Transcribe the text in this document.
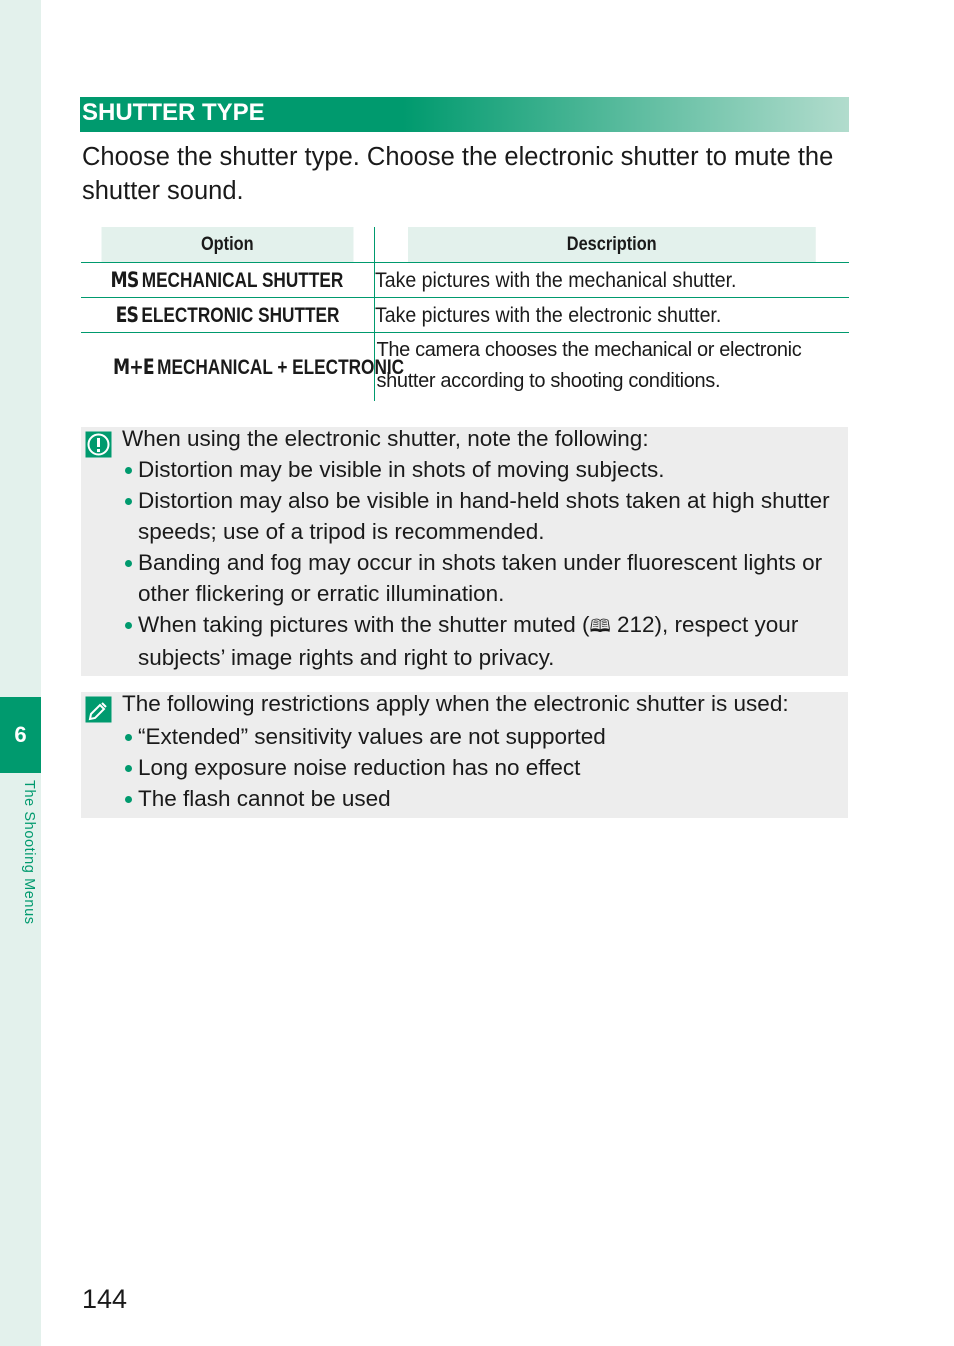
6
The Shooting Menus
SHUTTER TYPE
Choose the shutter type. Choose the electronic shutter to mute the shutter sound.
Option	Description
MS MECHANICAL SHUTTER	Take pictures with the mechanical shutter.
ES ELECTRONIC SHUTTER	Take pictures with the electronic shutter.
M+E MECHANICAL + ELECTRONIC	The camera chooses the mechanical or electronic shutter according to shooting conditions.
When using the electronic shutter, note the following:
Distortion may be visible in shots of moving subjects.
Distortion may also be visible in hand-held shots taken at high shutter speeds; use of a tripod is recommended.
Banding and fog may occur in shots taken under fluorescent lights or other flickering or erratic illumination.
When taking pictures with the shutter muted (🕮 212), respect your subjects’ image rights and right to privacy.
The following restrictions apply when the electronic shutter is used:
“Extended” sensitivity values are not supported
Long exposure noise reduction has no effect
The flash cannot be used
144
